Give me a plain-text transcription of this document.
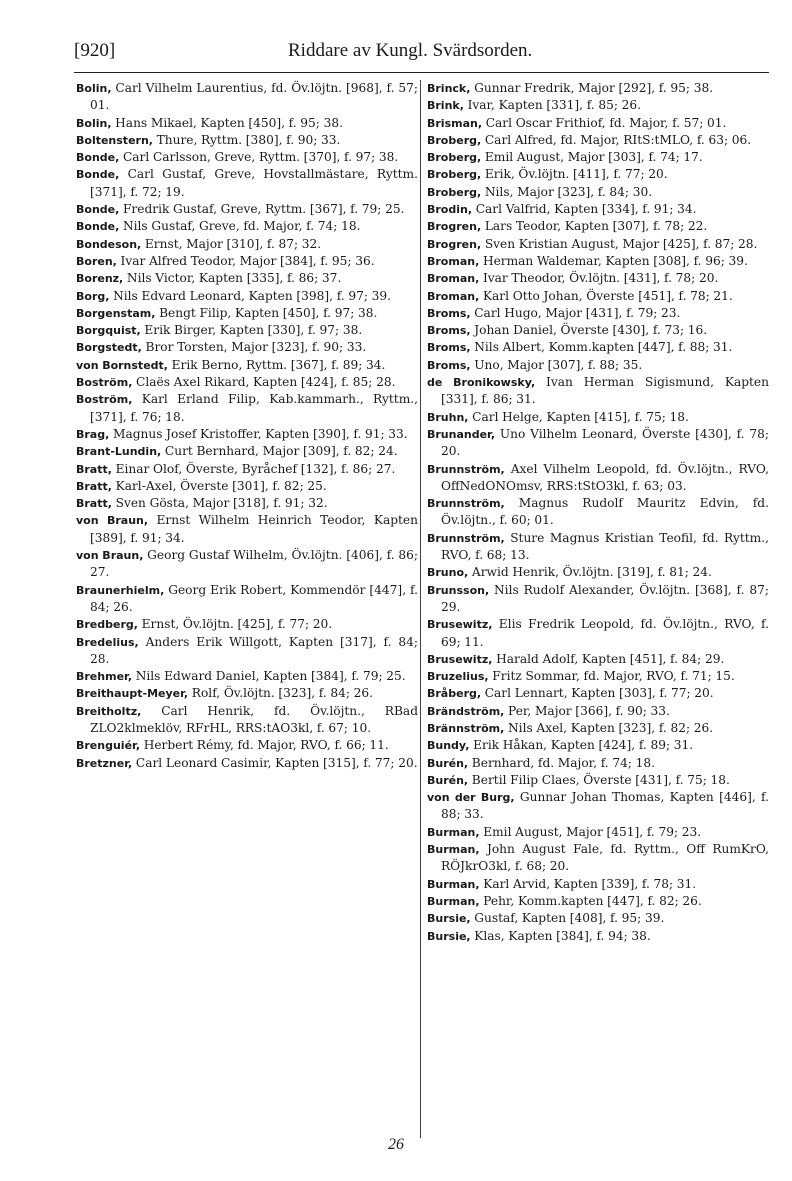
[920]	Riddare av Kungl. Svärdsorden.
Bolin, Carl Vilhelm Laurentius, fd. Öv.löjtn. [968], f. 57; 01.
Bolin, Hans Mikael, Kapten [450], f. 95; 38.
Boltenstern, Thure, Ryttm. [380], f. 90; 33.
Bonde, Carl Carlsson, Greve, Ryttm. [370], f. 97; 38.
Bonde, Carl Gustaf, Greve, Hovstallmästare, Ryttm. [371], f. 72; 19.
Bonde, Fredrik Gustaf, Greve, Ryttm. [367], f. 79; 25.
Bonde, Nils Gustaf, Greve, fd. Major, f. 74; 18.
Bondeson, Ernst, Major [310], f. 87; 32.
Boren, Ivar Alfred Teodor, Major [384], f. 95; 36.
Borenz, Nils Victor, Kapten [335], f. 86; 37.
Borg, Nils Edvard Leonard, Kapten [398], f. 97; 39.
Borgenstam, Bengt Filip, Kapten [450], f. 97; 38.
Borgquist, Erik Birger, Kapten [330], f. 97; 38.
Borgstedt, Bror Torsten, Major [323], f. 90; 33.
von Bornstedt, Erik Berno, Ryttm. [367], f. 89; 34.
Boström, Claës Axel Rikard, Kapten [424], f. 85; 28.
Boström, Karl Erland Filip, Kab.kammarh., Ryttm., [371], f. 76; 18.
Brag, Magnus Josef Kristoffer, Kapten [390], f. 91; 33.
Brant-Lundin, Curt Bernhard, Major [309], f. 82; 24.
Bratt, Einar Olof, Överste, Byråchef [132], f. 86; 27.
Bratt, Karl-Axel, Överste [301], f. 82; 25.
Bratt, Sven Gösta, Major [318], f. 91; 32.
von Braun, Ernst Wilhelm Heinrich Teodor, Kapten [389], f. 91; 34.
von Braun, Georg Gustaf Wilhelm, Öv.löjtn. [406], f. 86; 27.
Braunerhielm, Georg Erik Robert, Kommendör [447], f. 84; 26.
Bredberg, Ernst, Öv.löjtn. [425], f. 77; 20.
Bredelius, Anders Erik Willgott, Kapten [317], f. 84; 28.
Brehmer, Nils Edward Daniel, Kapten [384], f. 79; 25.
Breithaupt-Meyer, Rolf, Öv.löjtn. [323], f. 84; 26.
Breitholtz, Carl Henrik, fd. Öv.löjtn., RBad ZLO2klmeklöv, RFrHL, RRS:tAO3kl, f. 67; 10.
Brenguiér, Herbert Rémy, fd. Major, RVO, f. 66; 11.
Bretzner, Carl Leonard Casimir, Kapten [315], f. 77; 20.
Brinck, Gunnar Fredrik, Major [292], f. 95; 38.
Brink, Ivar, Kapten [331], f. 85; 26.
Brisman, Carl Oscar Frithiof, fd. Major, f. 57; 01.
Broberg, Carl Alfred, fd. Major, RItS:tMLO, f. 63; 06.
Broberg, Emil August, Major [303], f. 74; 17.
Broberg, Erik, Öv.löjtn. [411], f. 77; 20.
Broberg, Nils, Major [323], f. 84; 30.
Brodin, Carl Valfrid, Kapten [334], f. 91; 34.
Brogren, Lars Teodor, Kapten [307], f. 78; 22.
Brogren, Sven Kristian August, Major [425], f. 87; 28.
Broman, Herman Waldemar, Kapten [308], f. 96; 39.
Broman, Ivar Theodor, Öv.löjtn. [431], f. 78; 20.
Broman, Karl Otto Johan, Överste [451], f. 78; 21.
Broms, Carl Hugo, Major [431], f. 79; 23.
Broms, Johan Daniel, Överste [430], f. 73; 16.
Broms, Nils Albert, Komm.kapten [447], f. 88; 31.
Broms, Uno, Major [307], f. 88; 35.
de Bronikowsky, Ivan Herman Sigismund, Kapten [331], f. 86; 31.
Bruhn, Carl Helge, Kapten [415], f. 75; 18.
Brunander, Uno Vilhelm Leonard, Överste [430], f. 78; 20.
Brunnström, Axel Vilhelm Leopold, fd. Öv.löjtn., RVO, OffNedONOmsv, RRS:tStO3kl, f. 63; 03.
Brunnström, Magnus Rudolf Mauritz Edvin, fd. Öv.löjtn., f. 60; 01.
Brunnström, Sture Magnus Kristian Teofil, fd. Ryttm., RVO, f. 68; 13.
Bruno, Arwid Henrik, Öv.löjtn. [319], f. 81; 24.
Brunsson, Nils Rudolf Alexander, Öv.löjtn. [368], f. 87; 29.
Brusewitz, Elis Fredrik Leopold, fd. Öv.löjtn., RVO, f. 69; 11.
Brusewitz, Harald Adolf, Kapten [451], f. 84; 29.
Bruzelius, Fritz Sommar, fd. Major, RVO, f. 71; 15.
Bråberg, Carl Lennart, Kapten [303], f. 77; 20.
Brändström, Per, Major [366], f. 90; 33.
Brännström, Nils Axel, Kapten [323], f. 82; 26.
Bundy, Erik Håkan, Kapten [424], f. 89; 31.
Burén, Bernhard, fd. Major, f. 74; 18.
Burén, Bertil Filip Claes, Överste [431], f. 75; 18.
von der Burg, Gunnar Johan Thomas, Kapten [446], f. 88; 33.
Burman, Emil August, Major [451], f. 79; 23.
Burman, John August Fale, fd. Ryttm., Off RumKrO, RÖJkrO3kl, f. 68; 20.
Burman, Karl Arvid, Kapten [339], f. 78; 31.
Burman, Pehr, Komm.kapten [447], f. 82; 26.
Bursie, Gustaf, Kapten [408], f. 95; 39.
Bursie, Klas, Kapten [384], f. 94; 38.
26
